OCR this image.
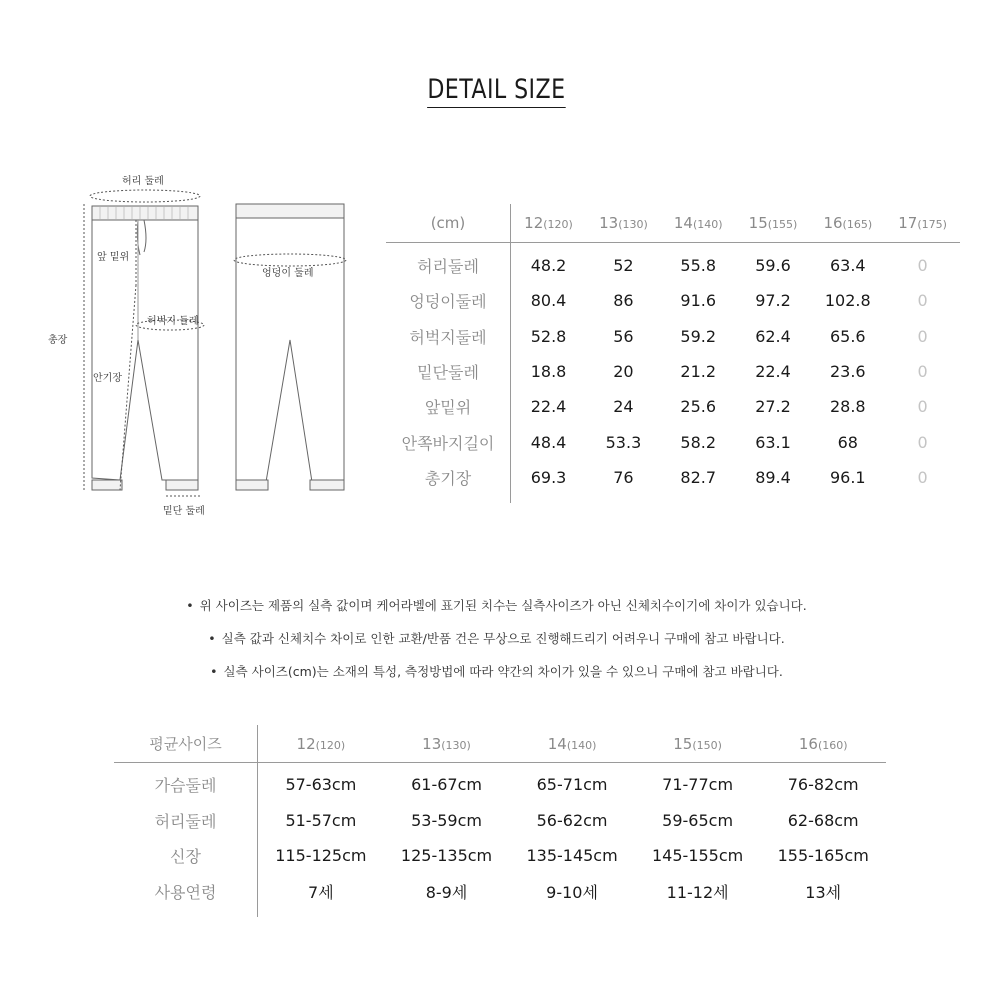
DETAIL SIZE
허리 둘레
앞 밑위
총장
허벅지 둘레
안기장
밑단 둘레
엉덩이 둘레
(cm)	12(120)	13(130)	14(140)	15(155)	16(165)	17(175)
허리둘레	48.2	52	55.8	59.6	63.4	0
엉덩이둘레	80.4	86	91.6	97.2	102.8	0
허벅지둘레	52.8	56	59.2	62.4	65.6	0
밑단둘레	18.8	20	21.2	22.4	23.6	0
앞밑위	22.4	24	25.6	27.2	28.8	0
안쪽바지길이	48.4	53.3	58.2	63.1	68	0
총기장	69.3	76	82.7	89.4	96.1	0
• 위 사이즈는 제품의 실측 값이며 케어라벨에 표기된 치수는 실측사이즈가 아닌 신체치수이기에 차이가 있습니다.
• 실측 값과 신체치수 차이로 인한 교환/반품 건은 무상으로 진행해드리기 어려우니 구매에 참고 바랍니다.
• 실측 사이즈(cm)는 소재의 특성, 측정방법에 따라 약간의 차이가 있을 수 있으니 구매에 참고 바랍니다.
평균사이즈	12(120)	13(130)	14(140)	15(150)	16(160)
가슴둘레	57-63cm	61-67cm	65-71cm	71-77cm	76-82cm
허리둘레	51-57cm	53-59cm	56-62cm	59-65cm	62-68cm
신장	115-125cm	125-135cm	135-145cm	145-155cm	155-165cm
사용연령	7세	8-9세	9-10세	11-12세	13세
